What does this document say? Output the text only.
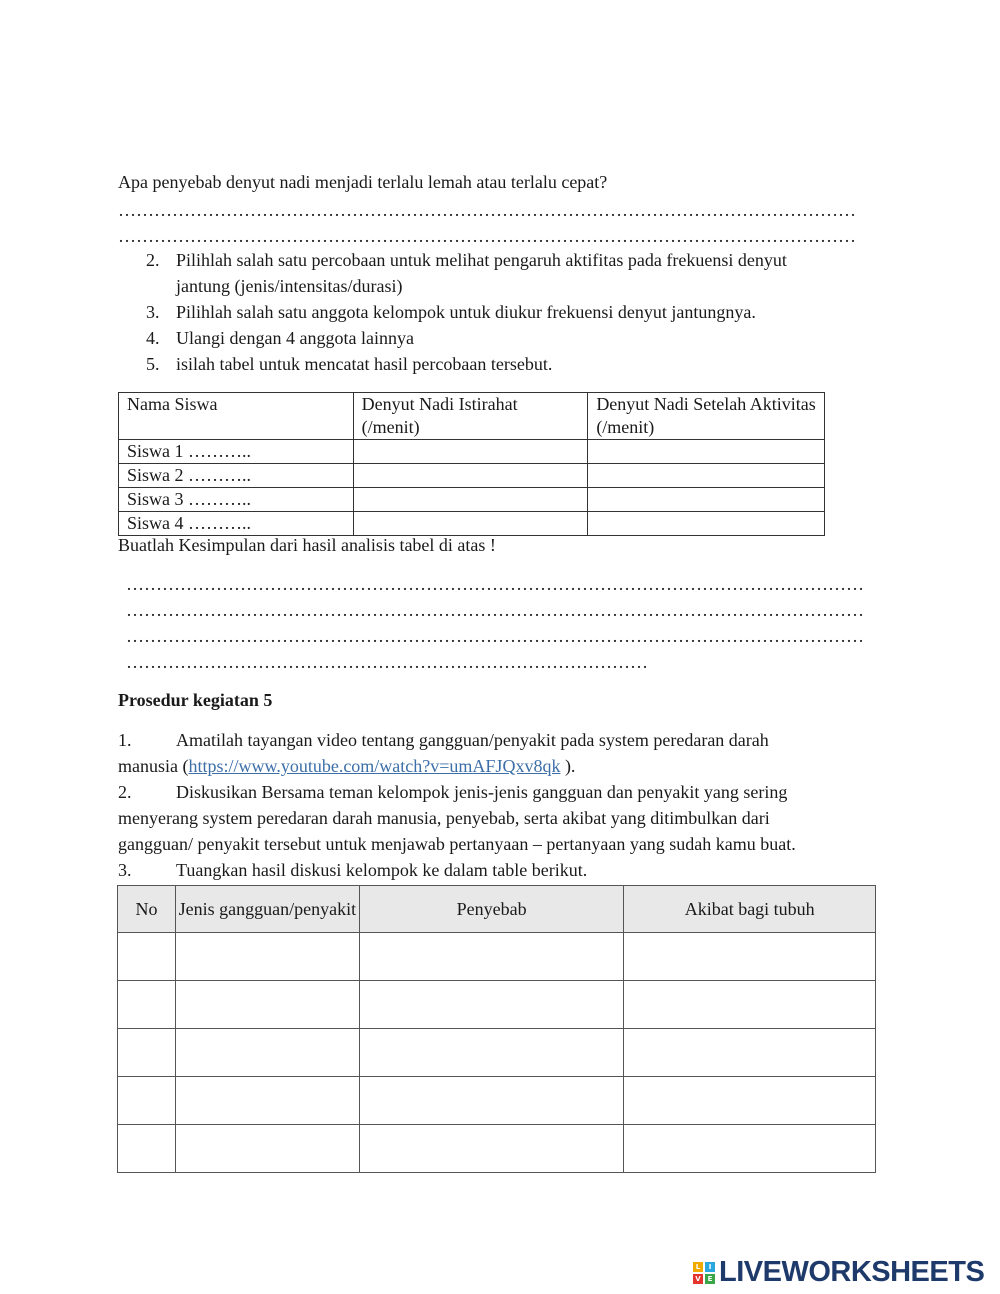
Apa penyebab denyut nadi menjadi terlalu lemah atau terlalu cepat?
……………………………………………………………………………………………………………
……………………………………………………………………………………………………………
2. Pilihlah salah satu percobaan untuk melihat pengaruh aktifitas pada frekuensi denyut
jantung (jenis/intensitas/durasi)
3. Pilihlah salah satu anggota kelompok untuk diukur frekuensi denyut jantungnya.
4. Ulangi dengan 4 anggota lainnya
5. isilah tabel untuk mencatat hasil percobaan tersebut.
Nama Siswa	Denyut Nadi Istirahat (/menit)	Denyut Nadi Setelah Aktivitas (/menit)
Siswa 1 ………..		
Siswa 2 ………..		
Siswa 3 ………..		
Siswa 4 ………..		
Buatlah Kesimpulan dari hasil analisis tabel di atas !
……………………………………………………………………………………………………………
……………………………………………………………………………………………………………
……………………………………………………………………………………………………………
……………………………………………………………………………
Prosedur kegiatan 5
1. Amatilah tayangan video tentang gangguan/penyakit pada system peredaran darah
manusia (https://www.youtube.com/watch?v=umAFJQxv8qk ).
2. Diskusikan Bersama teman kelompok jenis-jenis gangguan dan penyakit yang sering
menyerang system peredaran darah manusia, penyebab, serta akibat yang ditimbulkan dari
gangguan/ penyakit tersebut untuk menjawab pertanyaan – pertanyaan yang sudah kamu buat.
3. Tuangkan hasil diskusi kelompok ke dalam table berikut.
No	Jenis gangguan/penyakit	Penyebab	Akibat bagi tubuh

L	I
V E LIVEWORKSHEETS
